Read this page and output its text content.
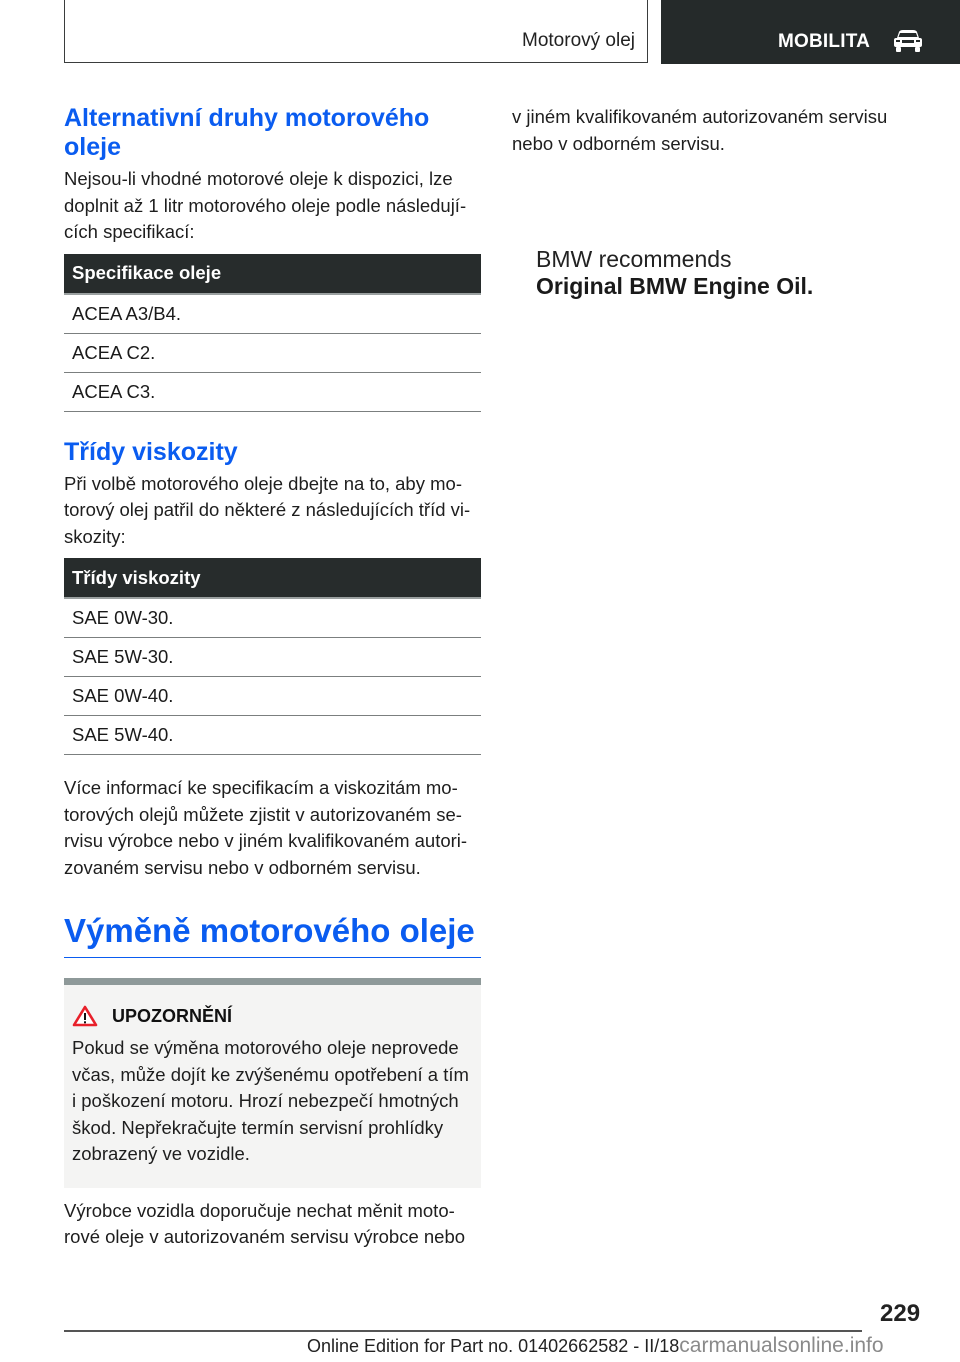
Motorový olej	MOBILITA
Alternativní druhy motorového oleje

Nejsou-li vhodné motorové oleje k dispozici, lze doplnit až 1 litr motorového oleje podle následujících specifikací:

Specifikace oleje
ACEA A3/B4.
ACEA C2.
ACEA C3.
Třídy viskozity

Při volbě motorového oleje dbejte na to, aby motorový olej patřil do některé z následujících tříd viskozity:

Třídy viskozity
SAE 0W-30.
SAE 5W-30.
SAE 0W-40.
SAE 5W-40.

Více informací ke specifikacím a viskozitám motorových olejů můžete zjistit v autorizovaném servisu výrobce nebo v jiném kvalifikovaném autorizovaném servisu nebo v odborném servisu.

Výměně motorového oleje
UPOZORNĚNÍ

Pokud se výměna motorového oleje neprovede včas, může dojít ke zvýšenému opotřebení a tím i poškození motoru. Hrozí nebezpečí hmotných škod. Nepřekračujte termín servisní prohlídky zobrazený ve vozidle.

Výrobce vozidla doporučuje nechat měnit motorové oleje v autorizovaném servisu výrobce nebo

v jiném kvalifikovaném autorizovaném servisu nebo v odborném servisu.

BMW recommends
Original BMW Engine Oil.
229
Online Edition for Part no. 01402662582 - II/18carmanualsonline.info
